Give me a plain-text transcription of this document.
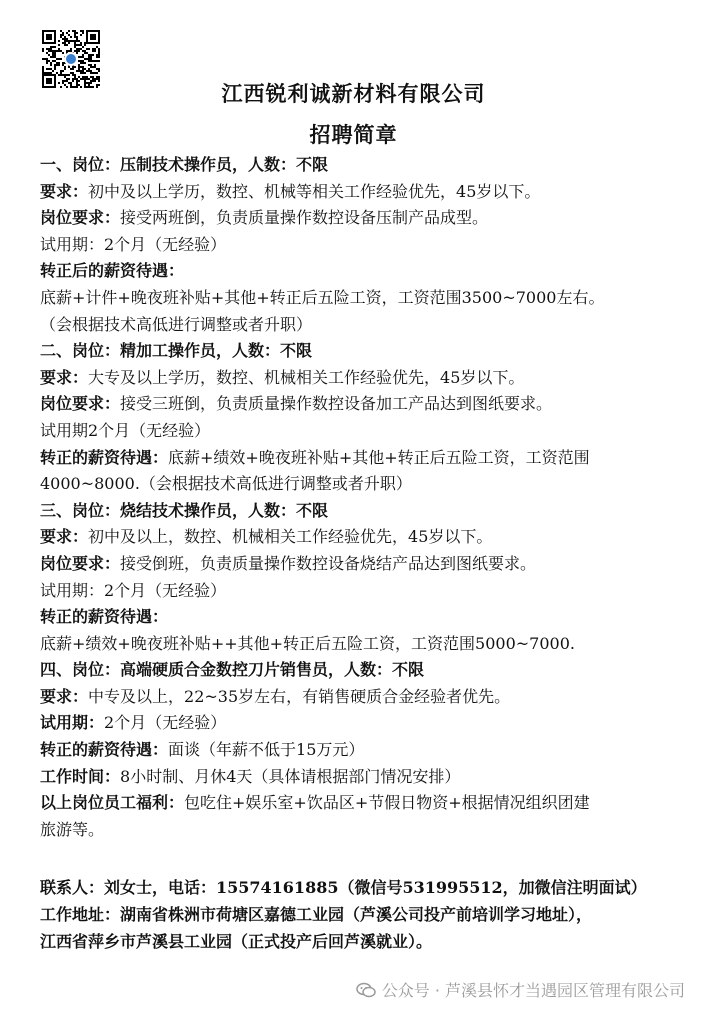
江西锐利诚新材料有限公司
招聘简章
一、岗位：压制技术操作员，人数：不限
要求：初中及以上学历，数控、机械等相关工作经验优先，45岁以下。
岗位要求：接受两班倒，负责质量操作数控设备压制产品成型。
试用期：2个月（无经验）
转正后的薪资待遇：
底薪+计件+晚夜班补贴+其他+转正后五险工资，工资范围3500~7000左右。
（会根据技术高低进行调整或者升职）
二、岗位：精加工操作员，人数：不限
要求：大专及以上学历，数控、机械相关工作经验优先，45岁以下。
岗位要求：接受三班倒，负责质量操作数控设备加工产品达到图纸要求。
试用期2个月（无经验）
转正的薪资待遇：底薪+绩效+晚夜班补贴+其他+转正后五险工资，工资范围
4000~8000.（会根据技术高低进行调整或者升职）
三、岗位：烧结技术操作员，人数：不限
要求：初中及以上，数控、机械相关工作经验优先，45岁以下。
岗位要求：接受倒班，负责质量操作数控设备烧结产品达到图纸要求。
试用期：2个月（无经验）
转正的薪资待遇：
底薪+绩效+晚夜班补贴++其他+转正后五险工资，工资范围5000~7000.
四、岗位：高端硬质合金数控刀片销售员，人数：不限
要求：中专及以上，22~35岁左右，有销售硬质合金经验者优先。
试用期：2个月（无经验）
转正的薪资待遇：面谈（年薪不低于15万元）
工作时间：8小时制、月休4天（具体请根据部门情况安排）
以上岗位员工福利：包吃住+娱乐室+饮品区+节假日物资+根据情况组织团建
旅游等。
联系人：刘女士，电话：15574161885（微信号531995512，加微信注明面试）
工作地址：湖南省株洲市荷塘区嘉德工业园（芦溪公司投产前培训学习地址），
江西省萍乡市芦溪县工业园（正式投产后回芦溪就业）。
公众号 · 芦溪县怀才当遇园区管理有限公司
